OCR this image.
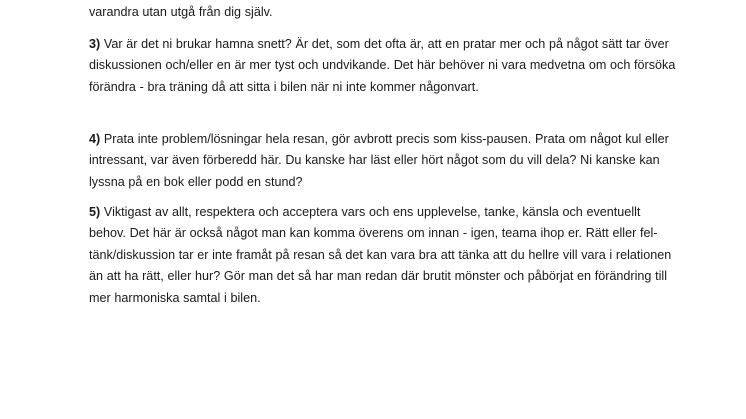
varandra utan utgå från dig själv.

3) Var är det ni brukar hamna snett? Är det, som det ofta är, att en pratar mer och på något sätt tar över diskussionen och/eller en är mer tyst och undvikande. Det här behöver ni vara medvetna om och försöka förändra - bra träning då att sitta i bilen när ni inte kommer någonvart.

4) Prata inte problem/lösningar hela resan, gör avbrott precis som kiss-pausen. Prata om något kul eller intressant, var även förberedd här. Du kanske har läst eller hört något som du vill dela? Ni kanske kan lyssna på en bok eller podd en stund?

5) Viktigast av allt, respektera och acceptera vars och ens upplevelse, tanke, känsla och eventuellt behov. Det här är också något man kan komma överens om innan - igen, teama ihop er. Rätt eller fel-tänk/diskussion tar er inte framåt på resan så det kan vara bra att tänka att du hellre vill vara i relationen än att ha rätt, eller hur? Gör man det så har man redan där brutit mönster och påbörjat en förändring till mer harmoniska samtal i bilen.
